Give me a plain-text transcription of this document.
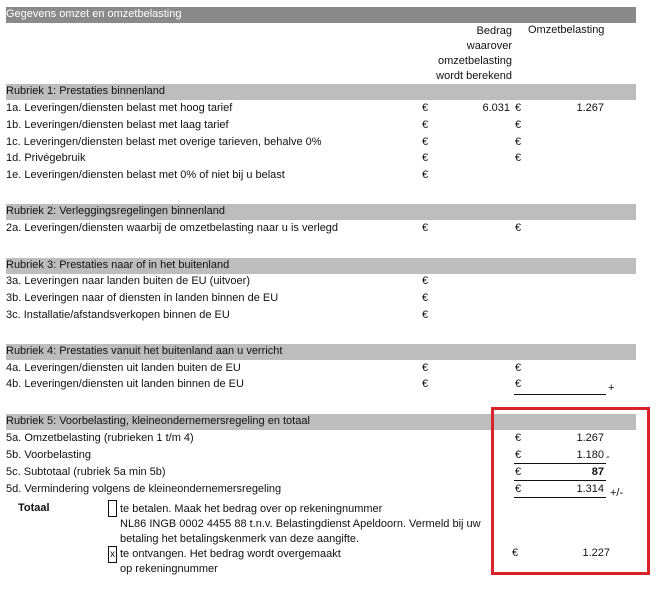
Gegevens omzet en omzetbelasting
Bedrag
waarover
omzetbelasting
wordt berekend
Omzetbelasting
Rubriek 1: Prestaties binnenland
1a. Leveringen/diensten belast met hoog tarief	€	6.031 €	1.267
1b. Leveringen/diensten belast met laag tarief	€	€
1c. Leveringen/diensten belast met overige tarieven, behalve 0%	€	€
1d. Privégebruik	€	€
1e. Leveringen/diensten belast met 0% of niet bij u belast	€
Rubriek 2: Verleggingsregelingen binnenland
2a. Leveringen/diensten waarbij de omzetbelasting naar u is verlegd	€	€
Rubriek 3: Prestaties naar of in het buitenland
3a. Leveringen naar landen buiten de EU (uitvoer)	€
3b. Leveringen naar of diensten in landen binnen de EU	€
3c. Installatie/afstandsverkopen binnen de EU	€
Rubriek 4: Prestaties vanuit het buitenland aan u verricht
4a. Leveringen/diensten uit landen buiten de EU	€	€
4b. Leveringen/diensten uit landen binnen de EU	€	€	+
Rubriek 5: Voorbelasting, kleineondernemersregeling en totaal
5a. Omzetbelasting (rubrieken 1 t/m 4)	€	1.267
5b. Voorbelasting	€	1.180 -
5c. Subtotaal (rubriek 5a min 5b)	€	87
5d. Vermindering volgens de kleineondernemersregeling	€	1.314 +/-
Totaal	te betalen. Maak het bedrag over op rekeningnummer
NL86 INGB 0002 4455 88 t.n.v. Belastingdienst Apeldoorn. Vermeld bij uw
betaling het betalingskenmerk van deze aangifte.
x te ontvangen. Het bedrag wordt overgemaakt
op rekeningnummer
€	1.227
